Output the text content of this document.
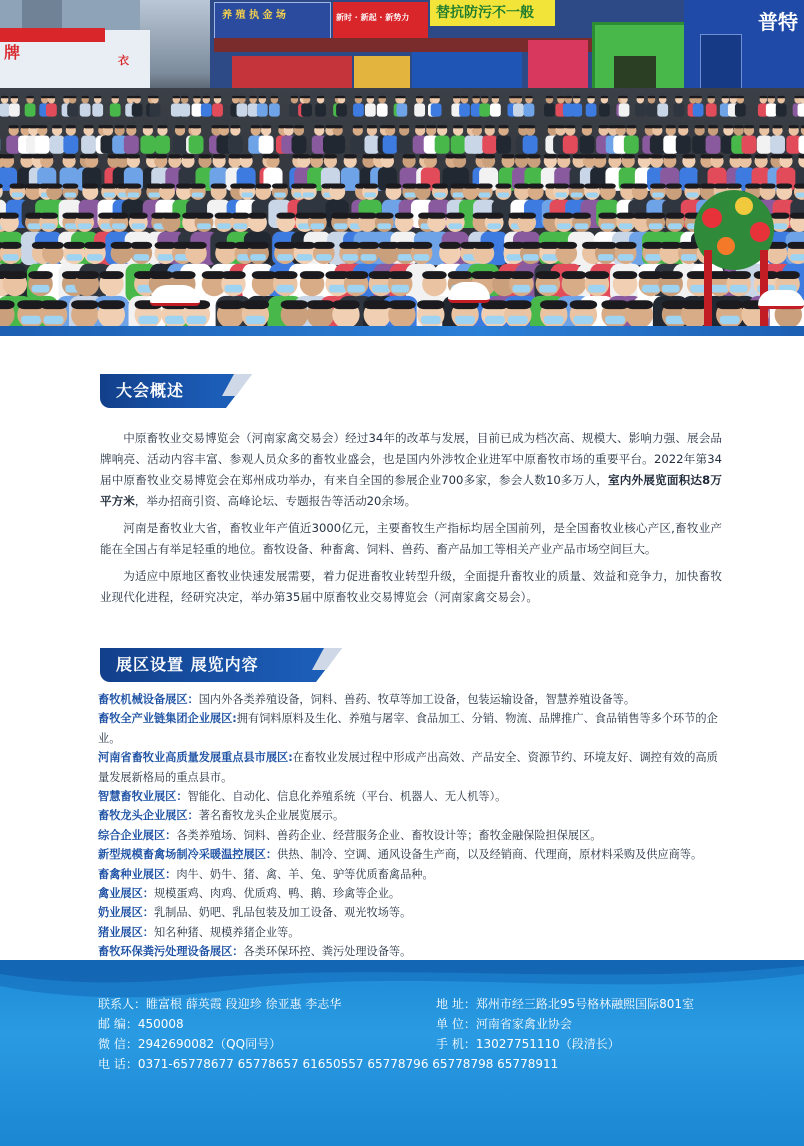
牌	衣
养 殖 执 金 场	新时 · 新起 · 新势力 替抗防污不一般	普特
大会概述

中原畜牧业交易博览会（河南家禽交易会）经过34年的改革与发展，目前已成为档次高、规模大、影响力强、展会品牌响亮、活动内容丰富、参观人员众多的畜牧业盛会，也是国内外涉牧企业进军中原畜牧市场的重要平台。2022年第34届中原畜牧业交易博览会在郑州成功举办，有来自全国的参展企业700多家，参会人数10多万人，室内外展览面积达8万平方米，举办招商引资、高峰论坛、专题报告等活动20余场。

河南是畜牧业大省，畜牧业年产值近3000亿元，主要畜牧生产指标均居全国前列，是全国畜牧业核心产区,畜牧业产能在全国占有举足轻重的地位。畜牧设备、种畜禽、饲料、兽药、畜产品加工等相关产业产品市场空间巨大。

为适应中原地区畜牧业快速发展需要，着力促进畜牧业转型升级，全面提升畜牧业的质量、效益和竞争力，加快畜牧业现代化进程，经研究决定，举办第35届中原畜牧业交易博览会（河南家禽交易会）。

展区设置 展览内容

畜牧机械设备展区：国内外各类养殖设备，饲料、兽药、牧草等加工设备，包装运输设备，智慧养殖设备等。

畜牧全产业链集团企业展区:拥有饲料原料及生化、养殖与屠宰、食品加工、分销、物流、品牌推广、食品销售等多个环节的企业。

河南省畜牧业高质量发展重点县市展区:在畜牧业发展过程中形成产出高效、产品安全、资源节约、环境友好、调控有效的高质量发展新格局的重点县市。

智慧畜牧业展区：智能化、自动化、信息化养殖系统（平台、机器人、无人机等）。

畜牧龙头企业展区：著名畜牧龙头企业展览展示。

综合企业展区：各类养殖场、饲料、兽药企业、经营服务企业、畜牧设计等；畜牧金融保险担保展区。

新型规模畜禽场制冷采暖温控展区：供热、制冷、空调、通风设备生产商，以及经销商、代理商，原材料采购及供应商等。

畜禽种业展区：肉牛、奶牛、猪、禽、羊、兔、驴等优质畜禽品种。

禽业展区：规模蛋鸡、肉鸡、优质鸡、鸭、鹅、珍禽等企业。

奶业展区：乳制品、奶吧、乳品包装及加工设备、观光牧场等。

猪业展区：知名种猪、规模养猪企业等。

畜牧环保粪污处理设备展区：各类环保环控、粪污处理设备等。

联系人：睢富根 薛英霞 段迎珍 徐亚惠 李志华
邮 编：450008
微 信：2942690082（QQ同号）
电 话：0371-65778677 65778657 61650557 65778796 65778798 65778911
地 址：郑州市经三路北95号格林融熙国际801室
单 位：河南省家禽业协会
手 机：13027751110（段清长）
